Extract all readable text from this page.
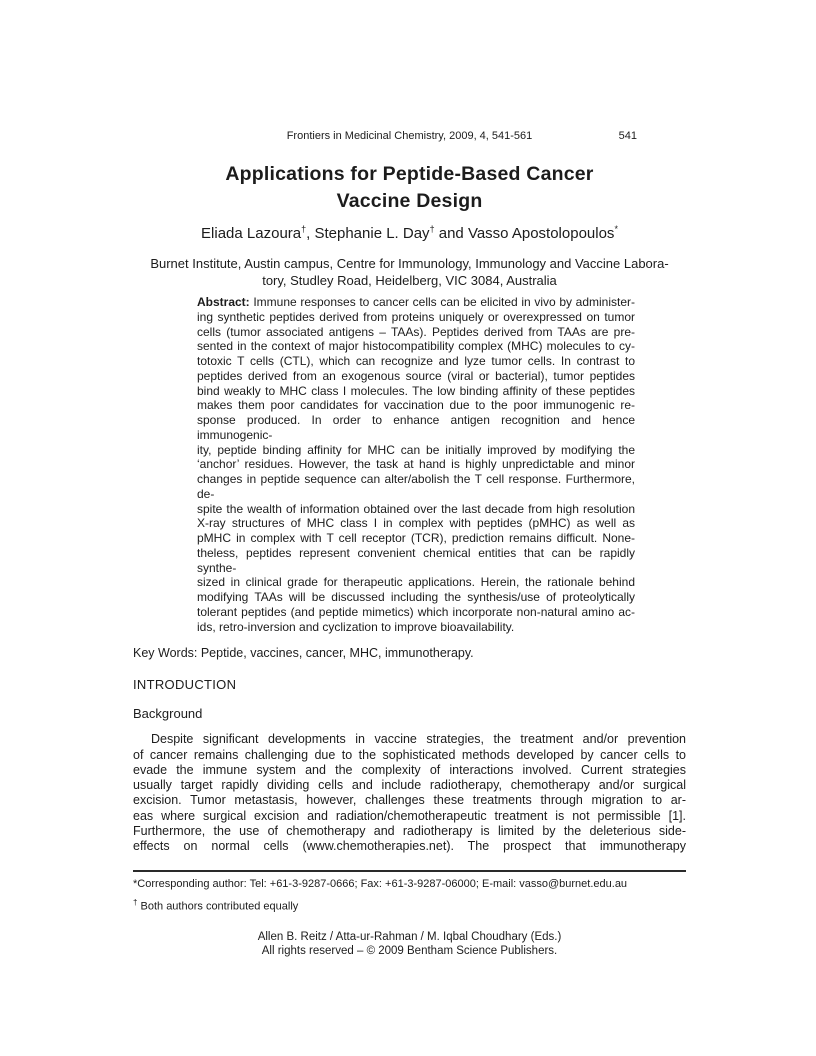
Frontiers in Medicinal Chemistry, 2009, 4, 541-561	541
Applications for Peptide-Based Cancer
Vaccine Design
Eliada Lazoura†, Stephanie L. Day† and Vasso Apostolopoulos*
Burnet Institute, Austin campus, Centre for Immunology, Immunology and Vaccine Labora-
tory, Studley Road, Heidelberg, VIC 3084, Australia
Abstract: Immune responses to cancer cells can be elicited in vivo by administer-
ing synthetic peptides derived from proteins uniquely or overexpressed on tumor
cells (tumor associated antigens – TAAs). Peptides derived from TAAs are pre-
sented in the context of major histocompatibility complex (MHC) molecules to cy-
totoxic T cells (CTL), which can recognize and lyze tumor cells. In contrast to
peptides derived from an exogenous source (viral or bacterial), tumor peptides
bind weakly to MHC class I molecules. The low binding affinity of these peptides
makes them poor candidates for vaccination due to the poor immunogenic re-
sponse produced. In order to enhance antigen recognition and hence immunogenic-
ity, peptide binding affinity for MHC can be initially improved by modifying the
‘anchor’ residues. However, the task at hand is highly unpredictable and minor
changes in peptide sequence can alter/abolish the T cell response. Furthermore, de-
spite the wealth of information obtained over the last decade from high resolution
X-ray structures of MHC class I in complex with peptides (pMHC) as well as
pMHC in complex with T cell receptor (TCR), prediction remains difficult. None-
theless, peptides represent convenient chemical entities that can be rapidly synthe-
sized in clinical grade for therapeutic applications. Herein, the rationale behind
modifying TAAs will be discussed including the synthesis/use of proteolytically
tolerant peptides (and peptide mimetics) which incorporate non-natural amino ac-
ids, retro-inversion and cyclization to improve bioavailability.
Key Words: Peptide, vaccines, cancer, MHC, immunotherapy.
INTRODUCTION
Background
Despite significant developments in vaccine strategies, the treatment and/or prevention
of cancer remains challenging due to the sophisticated methods developed by cancer cells to
evade the immune system and the complexity of interactions involved. Current strategies
usually target rapidly dividing cells and include radiotherapy, chemotherapy and/or surgical
excision. Tumor metastasis, however, challenges these treatments through migration to ar-
eas where surgical excision and radiation/chemotherapeutic treatment is not permissible [1].
Furthermore, the use of chemotherapy and radiotherapy is limited by the deleterious side-
effects on normal cells (www.chemotherapies.net). The prospect that immunotherapy
*Corresponding author: Tel: +61-3-9287-0666; Fax: +61-3-9287-06000; E-mail: vasso@burnet.edu.au
† Both authors contributed equally
Allen B. Reitz / Atta-ur-Rahman / M. Iqbal Choudhary (Eds.)
All rights reserved – © 2009 Bentham Science Publishers.
